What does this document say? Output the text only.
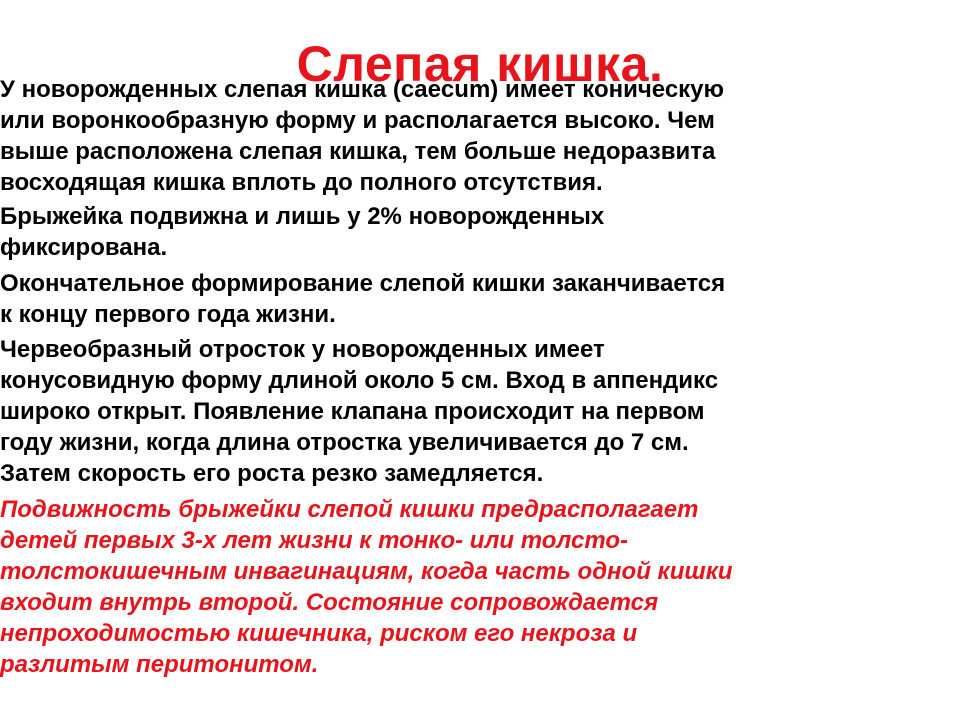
Слепая кишка.

У новорожденных слепая кишка (caecum) имеет коническую
или воронкообразную форму и располагается высоко. Чем
выше расположена слепая кишка, тем больше недоразвита
восходящая кишка вплоть до полного отсутствия.

Брыжейка подвижна и лишь у 2% новорожденных
фиксирована.

Окончательное формирование слепой кишки заканчивается
к концу первого года жизни.

Червеобразный отросток у новорожденных имеет
конусовидную форму длиной около 5 см. Вход в аппендикс
широко открыт. Появление клапана происходит на первом
году жизни, когда длина отростка увеличивается до 7 см.
Затем скорость его роста резко замедляется.

Подвижность брыжейки слепой кишки предрасполагает
детей первых 3-х лет жизни к тонко- или толсто-
толстокишечным инвагинациям, когда часть одной кишки
входит внутрь второй. Состояние сопровождается
непроходимостью кишечника, риском его некроза и
разлитым перитонитом.
